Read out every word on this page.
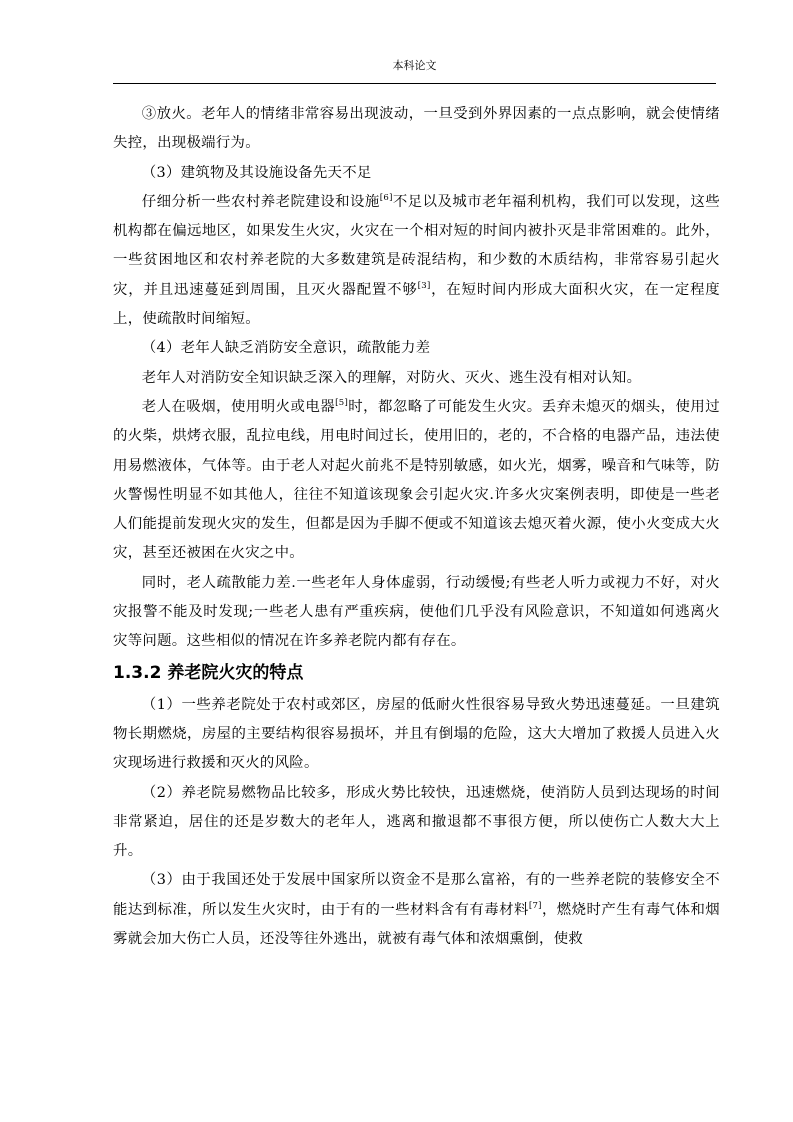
本科论文

③放火。老年人的情绪非常容易出现波动，一旦受到外界因素的一点点影响，就会使情绪失控，出现极端行为。

（3）建筑物及其设施设备先天不足

仔细分析一些农村养老院建设和设施[6]不足以及城市老年福利机构，我们可以发现，这些机构都在偏远地区，如果发生火灾，火灾在一个相对短的时间内被扑灭是非常困难的。此外，一些贫困地区和农村养老院的大多数建筑是砖混结构，和少数的木质结构，非常容易引起火灾，并且迅速蔓延到周围，且灭火器配置不够[3]，在短时间内形成大面积火灾，在一定程度上，使疏散时间缩短。

（4）老年人缺乏消防安全意识，疏散能力差

老年人对消防安全知识缺乏深入的理解，对防火、灭火、逃生没有相对认知。

老人在吸烟，使用明火或电器[5]时，都忽略了可能发生火灾。丢弃未熄灭的烟头，使用过的火柴，烘烤衣服，乱拉电线，用电时间过长，使用旧的，老的，不合格的电器产品，违法使用易燃液体，气体等。由于老人对起火前兆不是特别敏感，如火光，烟雾，噪音和气味等，防火警惕性明显不如其他人，往往不知道该现象会引起火灾.许多火灾案例表明，即使是一些老人们能提前发现火灾的发生，但都是因为手脚不便或不知道该去熄灭着火源，使小火变成大火灾，甚至还被困在火灾之中。

同时，老人疏散能力差.一些老年人身体虚弱，行动缓慢;有些老人听力或视力不好，对火灾报警不能及时发现;一些老人患有严重疾病，使他们几乎没有风险意识，不知道如何逃离火灾等问题。这些相似的情况在许多养老院内都有存在。

1.3.2 养老院火灾的特点

（1）一些养老院处于农村或郊区，房屋的低耐火性很容易导致火势迅速蔓延。一旦建筑物长期燃烧，房屋的主要结构很容易损坏，并且有倒塌的危险，这大大增加了救援人员进入火灾现场进行救援和灭火的风险。

（2）养老院易燃物品比较多，形成火势比较快，迅速燃烧，使消防人员到达现场的时间非常紧迫，居住的还是岁数大的老年人，逃离和撤退都不事很方便，所以使伤亡人数大大上升。

（3）由于我国还处于发展中国家所以资金不是那么富裕，有的一些养老院的装修安全不能达到标准，所以发生火灾时，由于有的一些材料含有有毒材料[7]，燃烧时产生有毒气体和烟雾就会加大伤亡人员，还没等往外逃出，就被有毒气体和浓烟熏倒，使救
